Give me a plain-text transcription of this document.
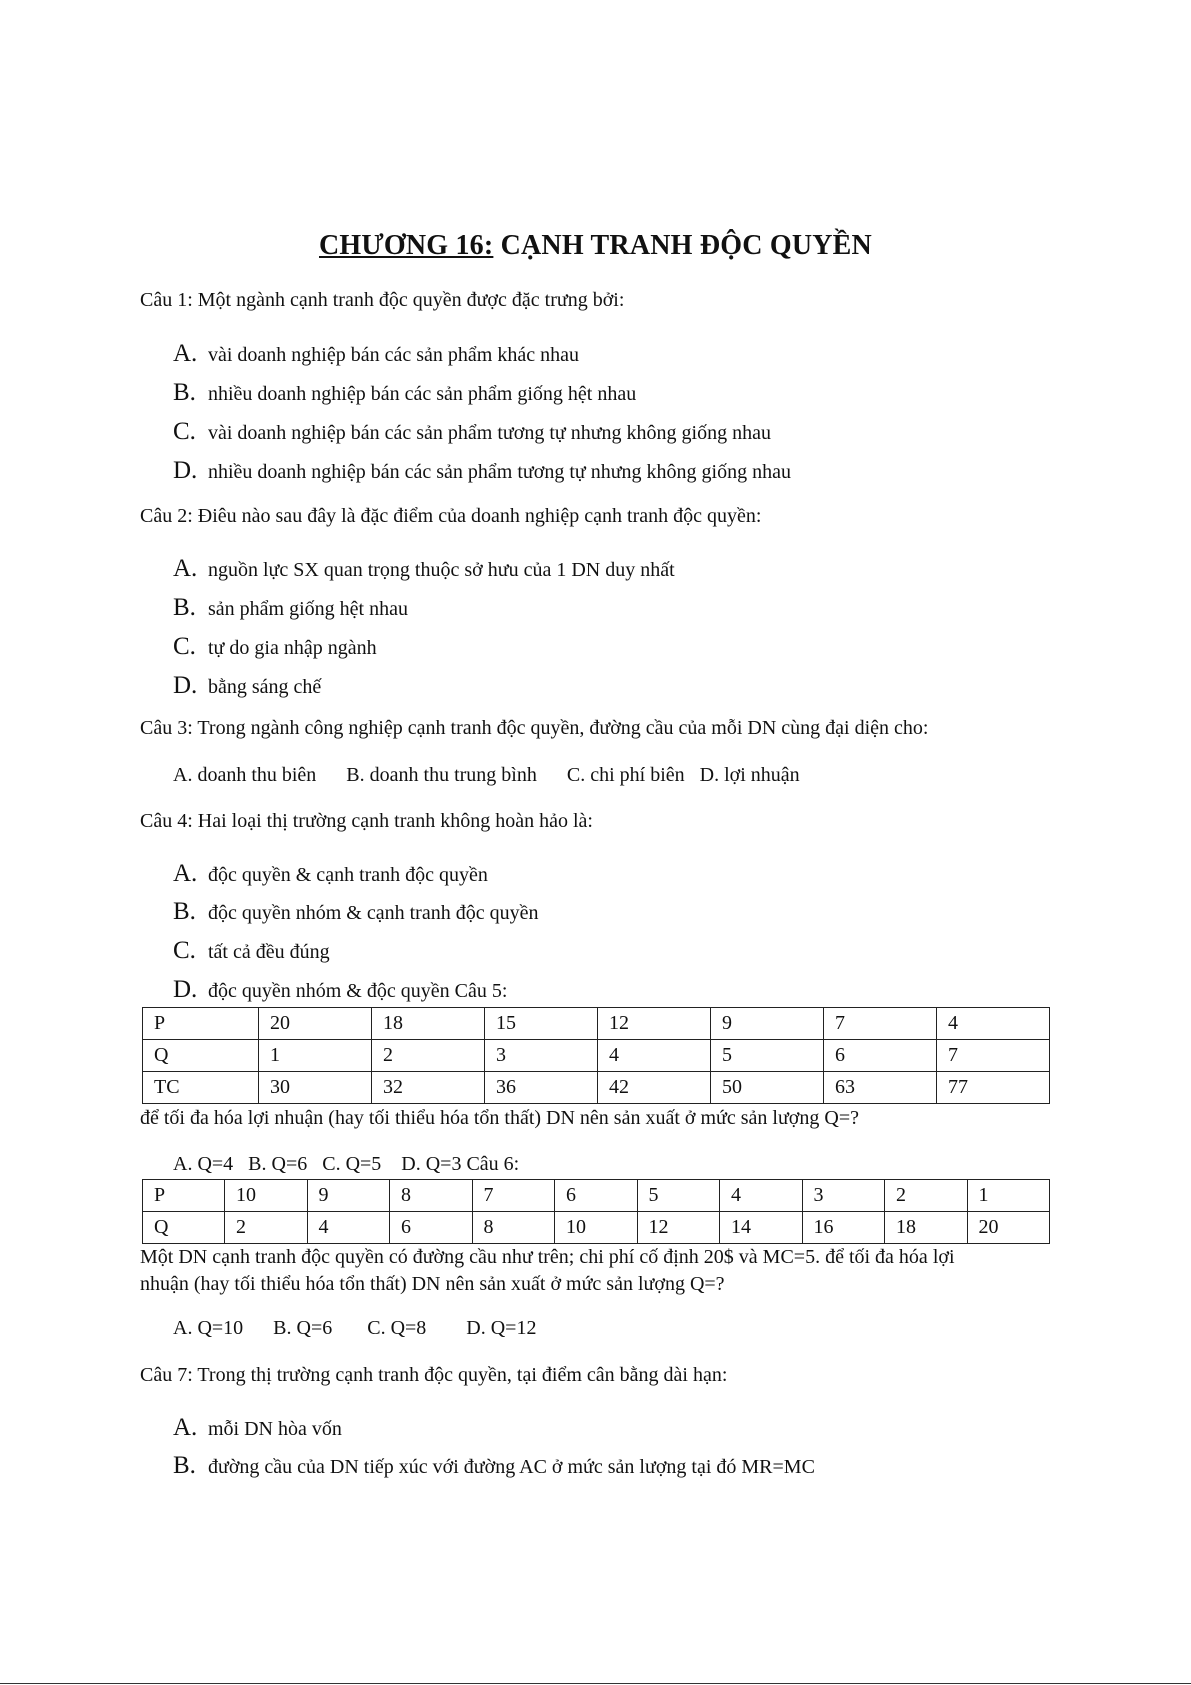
CHƯƠNG 16: CẠNH TRANH ĐỘC QUYỀN
Câu 1: Một ngành cạnh tranh độc quyền được đặc trưng bởi:
A. vài doanh nghiệp bán các sản phẩm khác nhau
B. nhiều doanh nghiệp bán các sản phẩm giống hệt nhau
C. vài doanh nghiệp bán các sản phẩm tương tự nhưng không giống nhau
D. nhiều doanh nghiệp bán các sản phẩm tương tự nhưng không giống nhau
Câu 2: Điêu nào sau đây là đặc điểm của doanh nghiệp cạnh tranh độc quyền:
A. nguồn lực SX quan trọng thuộc sở hưu của 1 DN duy nhất
B. sản phẩm giống hệt nhau
C. tự do gia nhập ngành
D. bằng sáng chế
Câu 3: Trong ngành công nghiệp cạnh tranh độc quyền, đường cầu của mỗi DN cùng đại diện cho:
A. doanh thu biên      B. doanh thu trung bình      C. chi phí biên   D. lợi nhuận
Câu 4: Hai loại thị trường cạnh tranh không hoàn hảo là:
A. độc quyền & cạnh tranh độc quyền
B. độc quyền nhóm & cạnh tranh độc quyền
C. tất cả đều đúng
D. độc quyền nhóm & độc quyền Câu 5:
P	20	18	15	12	9	7	4
Q	1	2	3	4	5	6	7
TC	30	32	36	42	50	63	77
để tối đa hóa lợi nhuận (hay tối thiểu hóa tổn thất) DN nên sản xuất ở mức sản lượng Q=?
A. Q=4   B. Q=6   C. Q=5    D. Q=3 Câu 6:
P	10	9	8	7	6	5	4	3	2	1
Q	2	4	6	8	10	12	14	16	18	20
Một DN cạnh tranh độc quyền có đường cầu như trên; chi phí cố định 20$ và MC=5. để tối đa hóa lợi
nhuận (hay tối thiểu hóa tổn thất) DN nên sản xuất ở mức sản lượng Q=?
A. Q=10      B. Q=6       C. Q=8        D. Q=12
Câu 7: Trong thị trường cạnh tranh độc quyền, tại điểm cân bằng dài hạn:
A. mỗi DN hòa vốn
B. đường cầu của DN tiếp xúc với đường AC ở mức sản lượng tại đó MR=MC
